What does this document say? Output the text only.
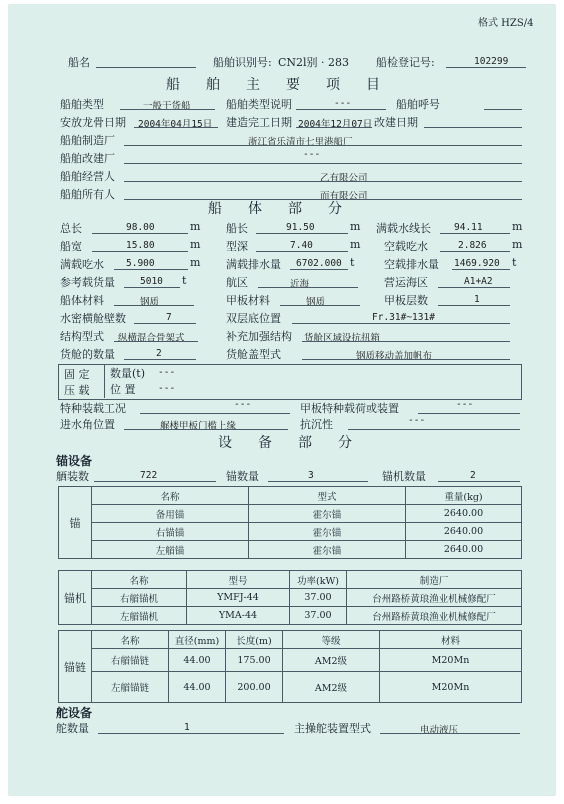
格式 HZS/4
船名	船舶识别号: CN2l别 · 283 船检登记号:	102299
船舶主要项目
船舶类型	一般干货船	船舶类型说明	---	船舶呼号
安放龙骨日期 2004年04月15日 建造完工日期 2004年12月07日 改建日期
船舶制造厂	浙江省乐清市七里港船厂
船舶改建厂	---
船舶经营人	乙有限公司
船舶所有人	而有限公司
船体部分
总长	98.00	m 船长	91.50	m 满载水线长 94.11	m
船宽	15.80	m 型深	7.40	m 空载吃水	2.826 m
满载吃水 5.900	m 满载排水量 6702.000 t	空载排水量 1469.920 t
参考载货量	5010 t	航区	近海	营运海区	A1+A2
船体材料	钢质	甲板材料	钢质	甲板层数	1
水密横舱壁数	7	双层底位置	Fr.31#~131#
结构型式 纵横混合骨架式	补充加强结构 货舱区域设抗扭箱
货舱的数量	2	货舱盖型式	钢质移动盖加帆布
固 定
压 载
数量(t) ---
位 置 ---
特种装载工况	---	甲板特种载荷或装置	---
进水角位置	艉楼甲板门槛上缘	抗沉性	---
设备部分
锚设备
舾装数	722	锚数量	3	锚机数量	2
锚	名称	型式	重量(kg)
	备用锚	霍尔锚	2640.00
	右锚锚	霍尔锚	2640.00
	左艏锚	霍尔锚	2640.00
锚机	名称	型号	功率(kW)	制造厂
	右艏锚机	YMFJ-44	37.00	台州路桥黄琅渔业机械修配厂
	左艏锚机	YMA-44	37.00	台州路桥黄琅渔业机械修配厂
锚链	名称	直径(mm)	长度(m)	等级	材料
	右艏锚链	44.00	175.00	AM2级	M20Mn
	左艏锚链	44.00	200.00	AM2级	M20Mn
舵设备
舵数量	1	主操舵装置型式	电动液压
